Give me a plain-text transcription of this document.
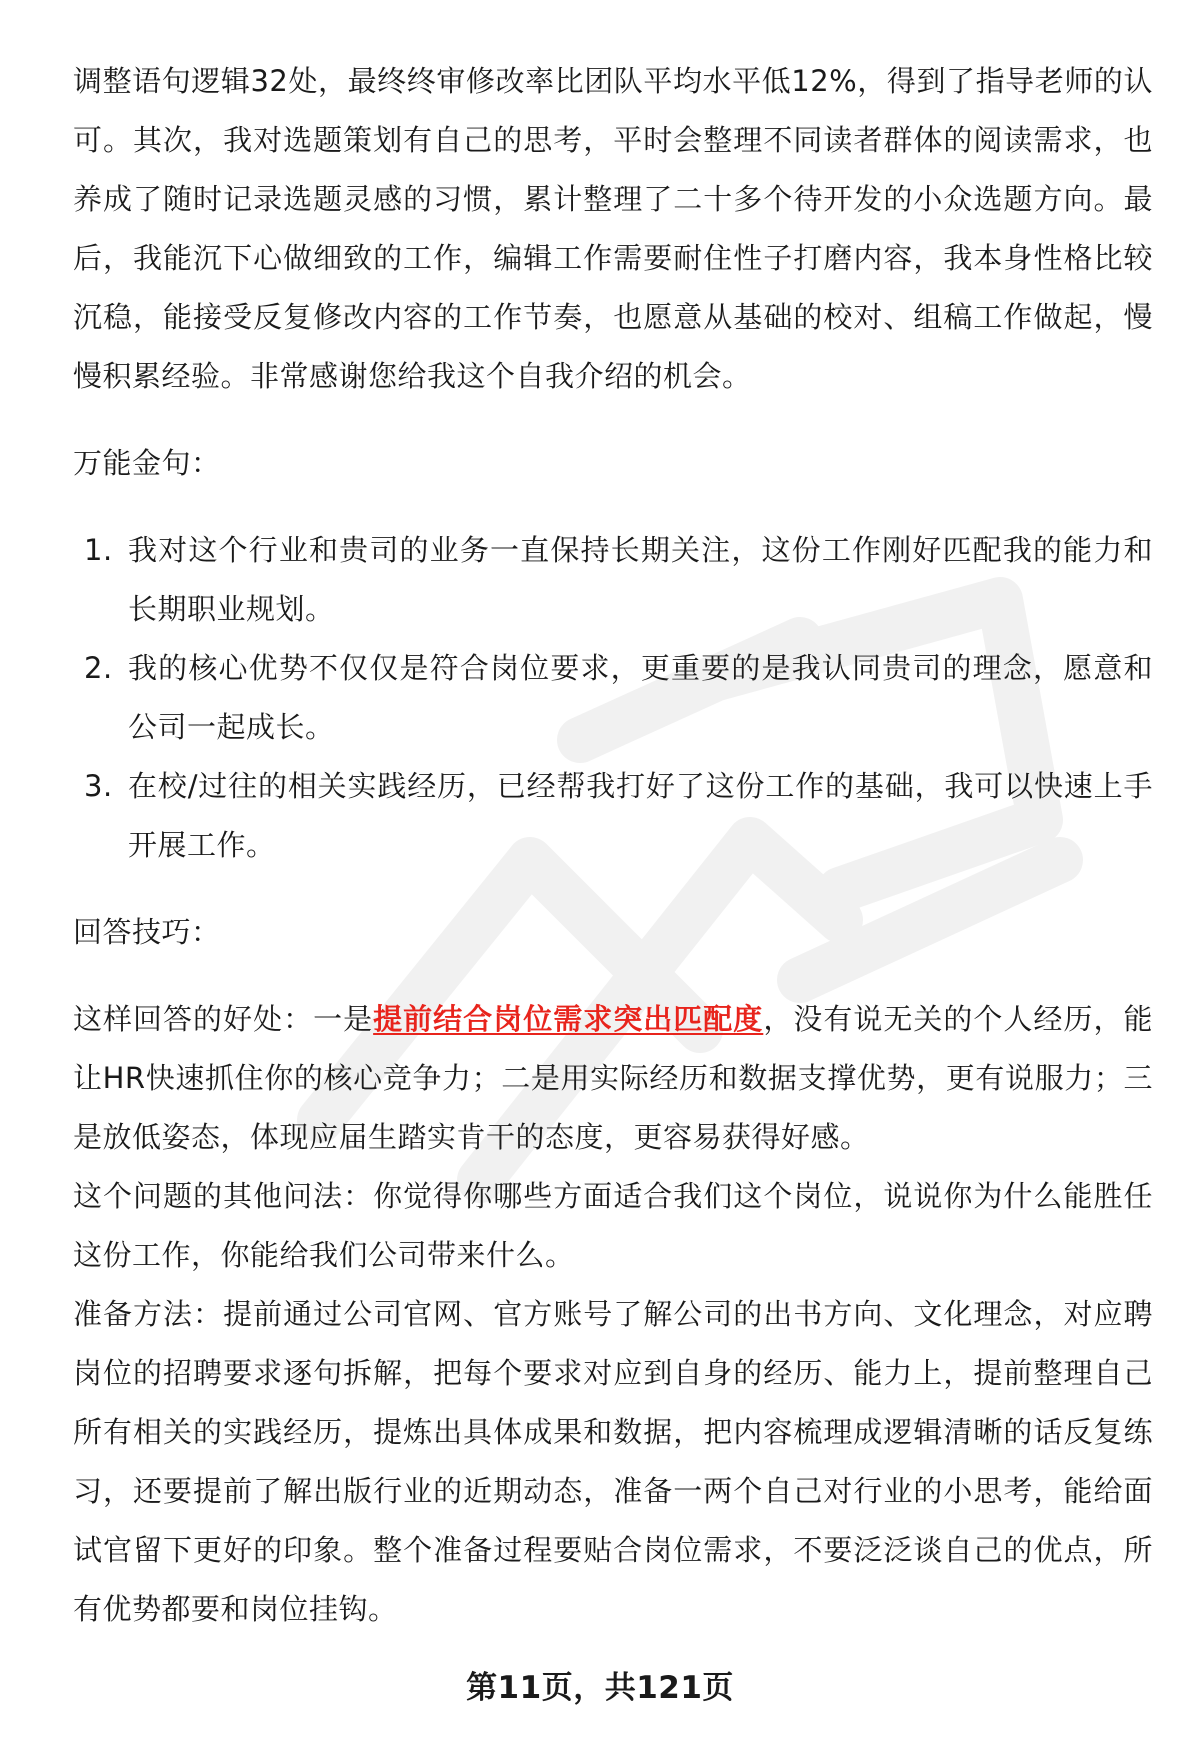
调整语句逻辑32处，最终终审修改率比团队平均水平低12%，得到了指导老师的认可。其次，我对选题策划有自己的思考，平时会整理不同读者群体的阅读需求，也养成了随时记录选题灵感的习惯，累计整理了二十多个待开发的小众选题方向。最后，我能沉下心做细致的工作，编辑工作需要耐住性子打磨内容，我本身性格比较沉稳，能接受反复修改内容的工作节奏，也愿意从基础的校对、组稿工作做起，慢慢积累经验。非常感谢您给我这个自我介绍的机会。

万能金句：

1. 我对这个行业和贵司的业务一直保持长期关注，这份工作刚好匹配我的能力和长期职业规划。
2. 我的核心优势不仅仅是符合岗位要求，更重要的是我认同贵司的理念，愿意和公司一起成长。
3. 在校/过往的相关实践经历，已经帮我打好了这份工作的基础，我可以快速上手开展工作。

回答技巧：

这样回答的好处：一是提前结合岗位需求突出匹配度，没有说无关的个人经历，能让HR快速抓住你的核心竞争力；二是用实际经历和数据支撑优势，更有说服力；三是放低姿态，体现应届生踏实肯干的态度，更容易获得好感。

这个问题的其他问法：你觉得你哪些方面适合我们这个岗位，说说你为什么能胜任这份工作，你能给我们公司带来什么。

准备方法：提前通过公司官网、官方账号了解公司的出书方向、文化理念，对应聘岗位的招聘要求逐句拆解，把每个要求对应到自身的经历、能力上，提前整理自己所有相关的实践经历，提炼出具体成果和数据，把内容梳理成逻辑清晰的话反复练习，还要提前了解出版行业的近期动态，准备一两个自己对行业的小思考，能给面试官留下更好的印象。整个准备过程要贴合岗位需求，不要泛泛谈自己的优点，所有优势都要和岗位挂钩。

第11页，共121页
